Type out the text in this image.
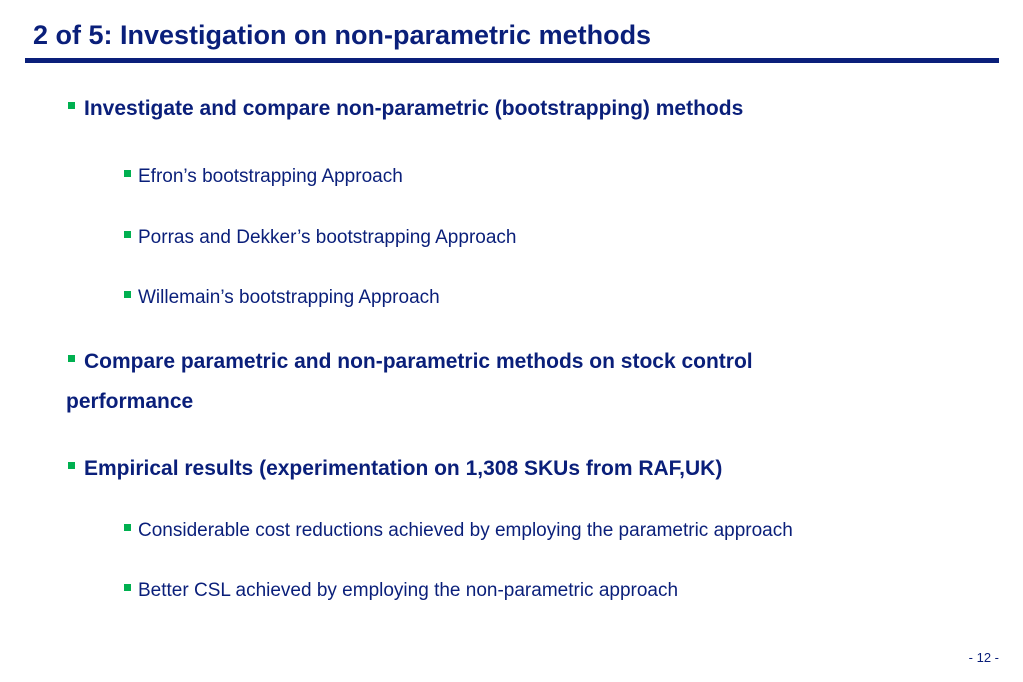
2 of 5: Investigation on non-parametric methods
Investigate and compare non-parametric (bootstrapping) methods
Efron’s bootstrapping Approach
Porras and Dekker’s bootstrapping Approach
Willemain’s bootstrapping Approach
Compare parametric and non-parametric methods on stock control
performance
Empirical results (experimentation on 1,308 SKUs from RAF,UK)
Considerable cost reductions achieved by employing the parametric approach
Better CSL achieved by employing the non-parametric approach
- 12 -
